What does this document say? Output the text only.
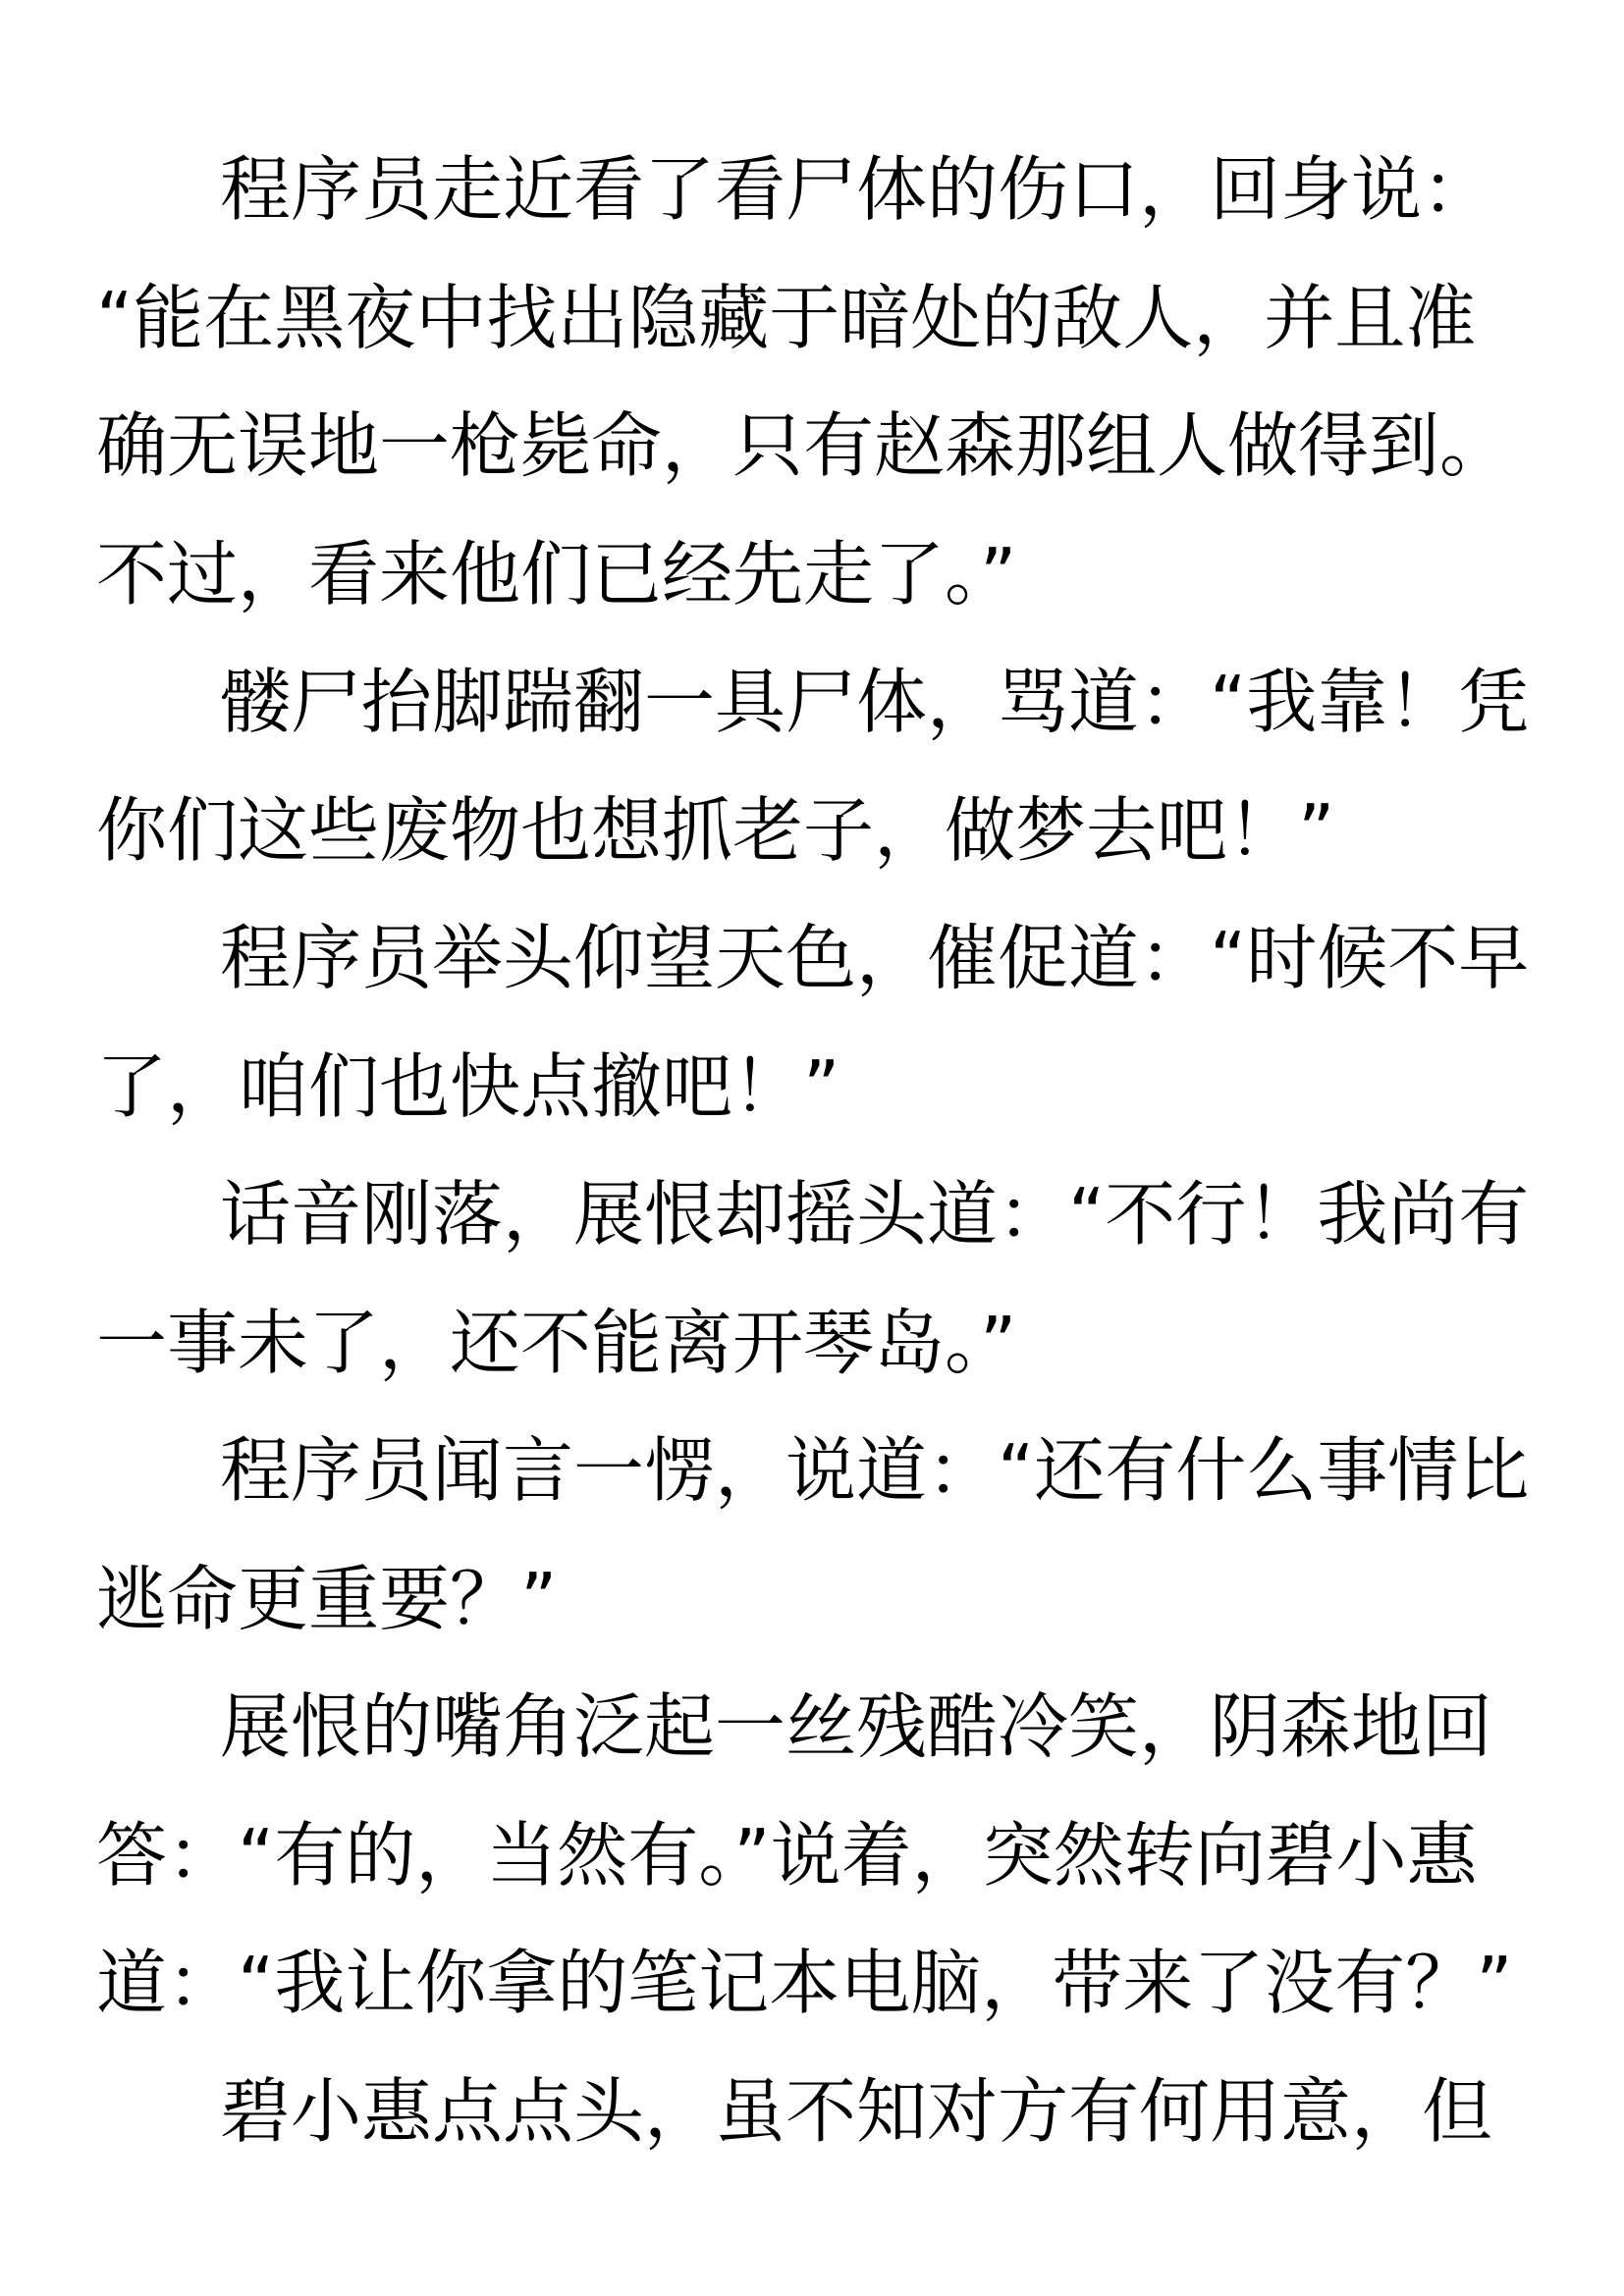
程序员走近看了看尸体的伤口，回身说：
“能在黑夜中找出隐藏于暗处的敌人，并且准
确无误地一枪毙命，只有赵森那组人做得到。
不过，看来他们已经先走了。”
髅尸抬脚踹翻一具尸体，骂道：“我靠！凭
你们这些废物也想抓老子，做梦去吧！”
程序员举头仰望天色，催促道：“时候不早
了，咱们也快点撤吧！”
话音刚落，展恨却摇头道：“不行！我尚有
一事未了，还不能离开琴岛。”
程序员闻言一愣，说道：“还有什么事情比
逃命更重要？”
展恨的嘴角泛起一丝残酷冷笑，阴森地回
答：“有的，当然有。”说着，突然转向碧小惠
道：“我让你拿的笔记本电脑，带来了没有？”
碧小惠点点头，虽不知对方有何用意，但
